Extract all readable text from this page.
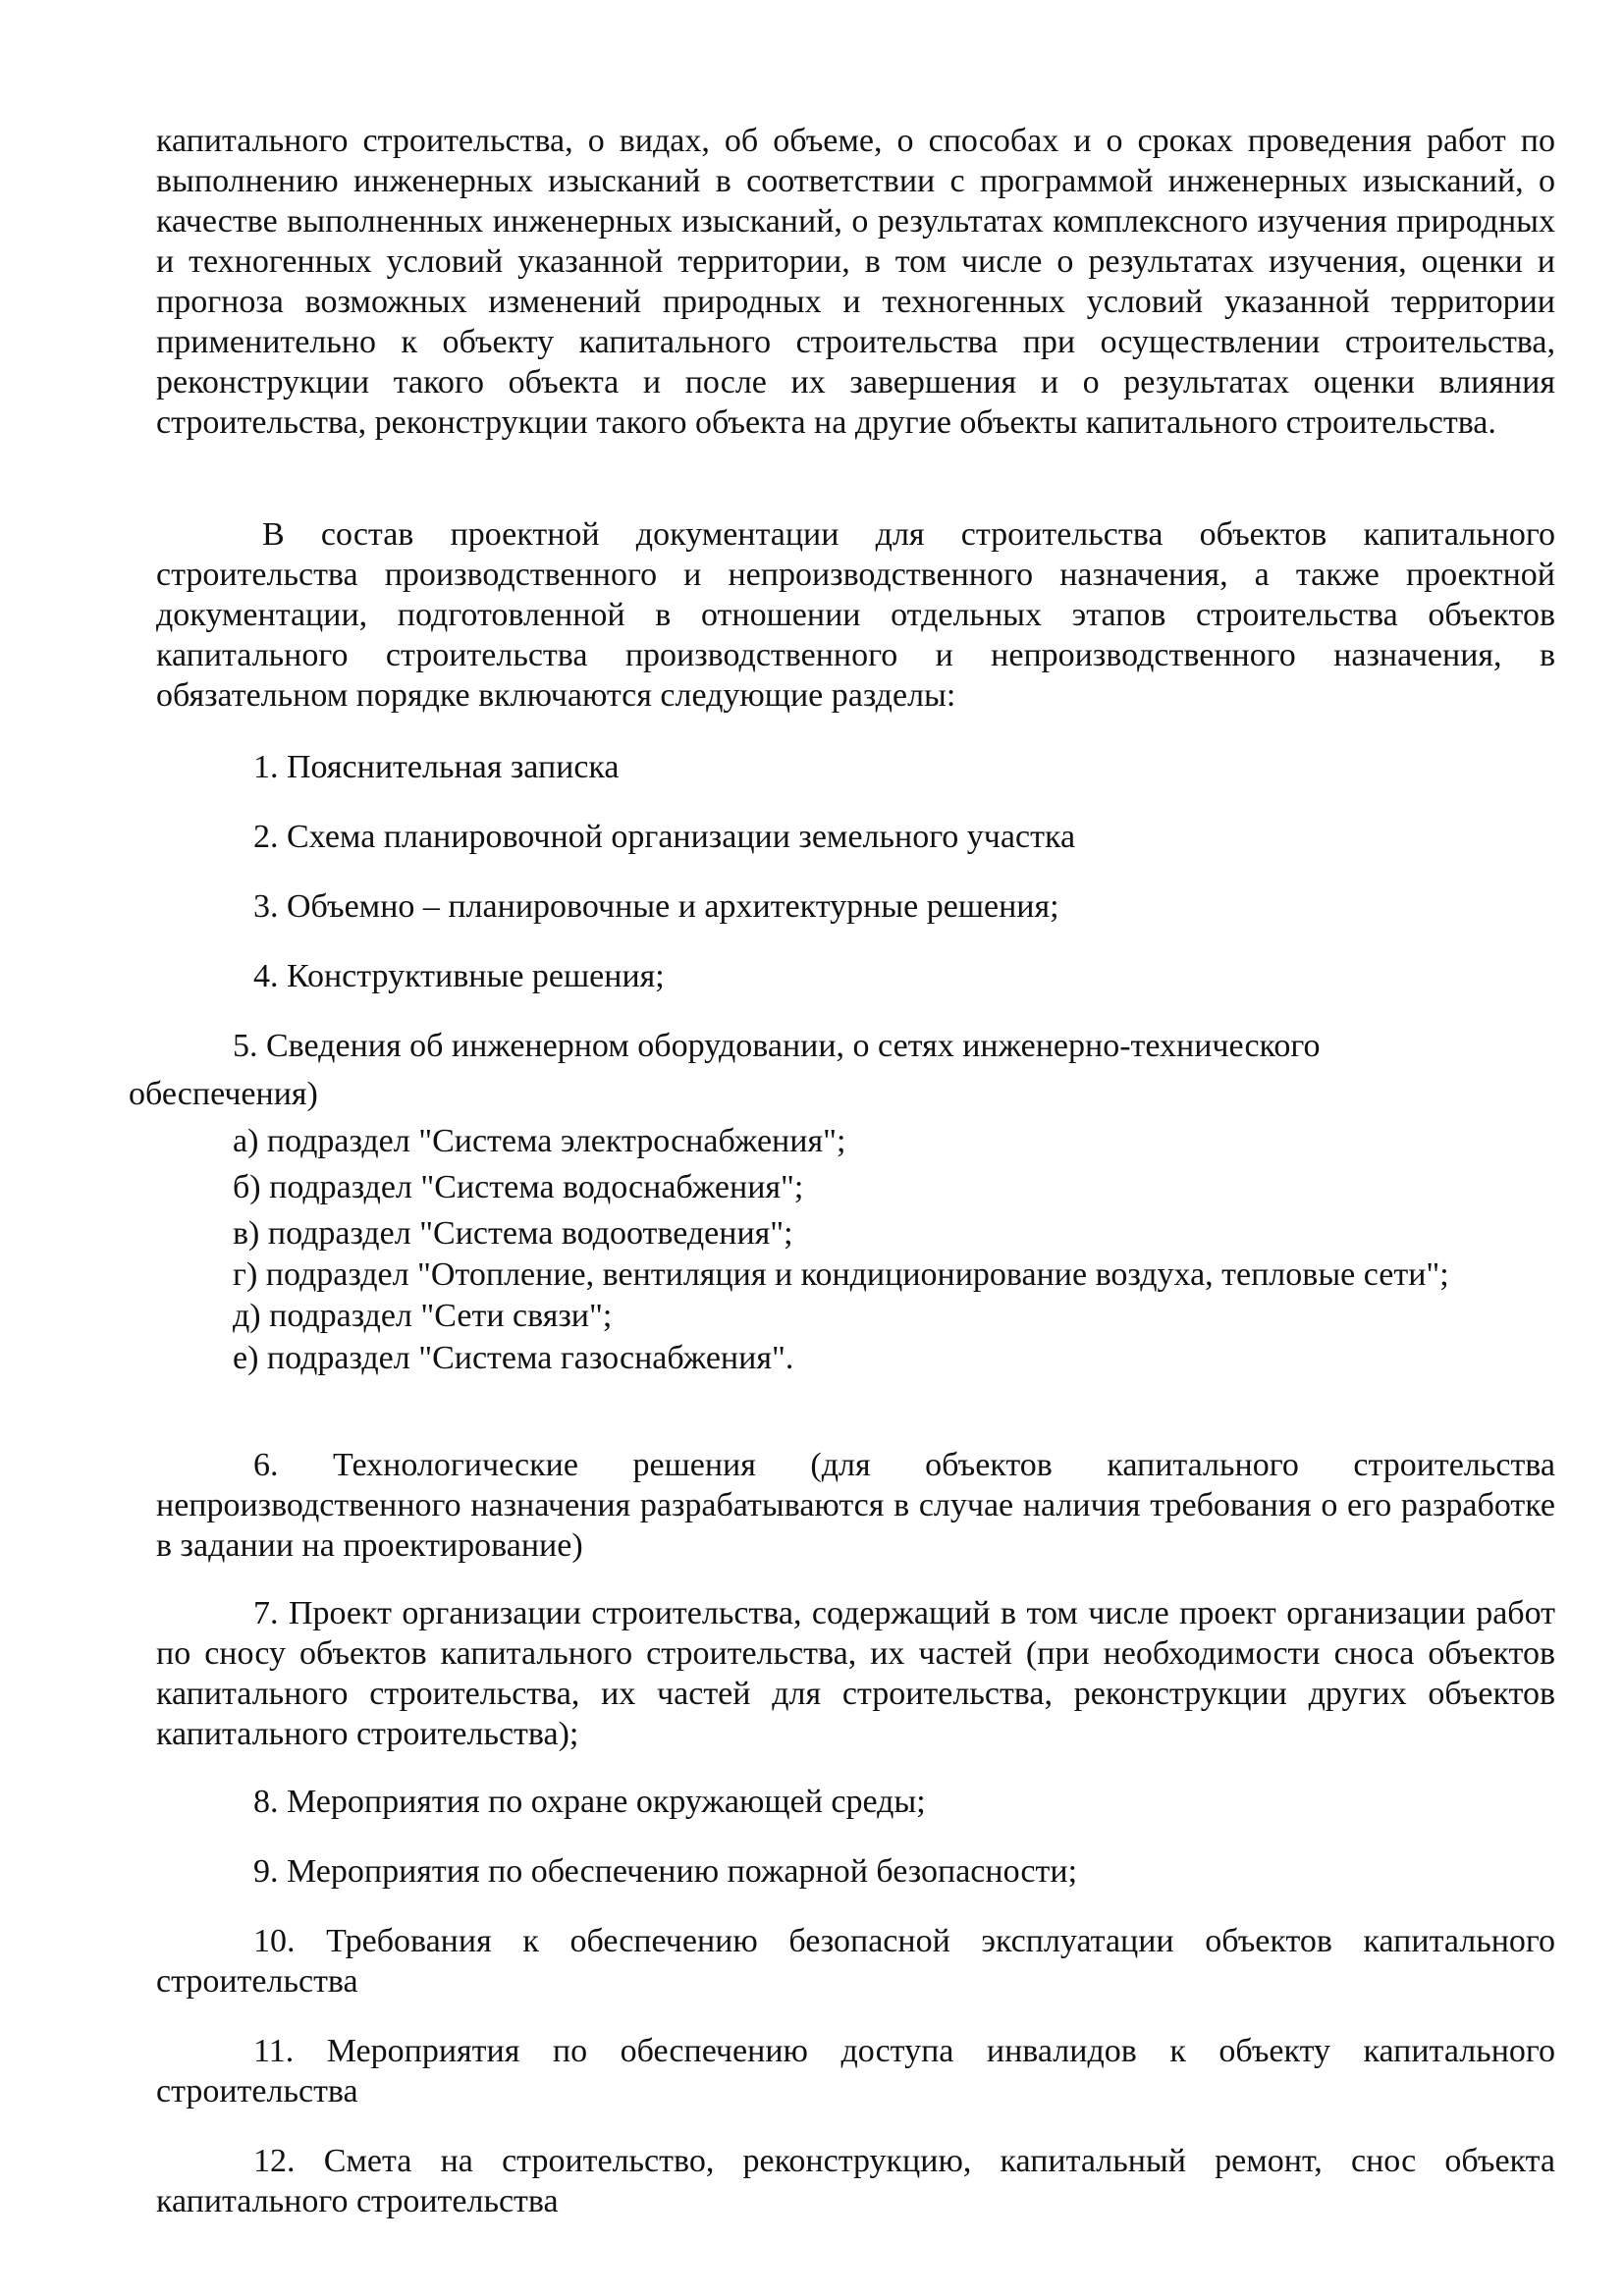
капитального строительства, о видах, об объеме, о способах и о сроках проведения работ по выполнению инженерных изысканий в соответствии с программой инженерных изысканий, о качестве выполненных инженерных изысканий, о результатах комплексного изучения природных и техногенных условий указанной территории, в том числе о результатах изучения, оценки и прогноза возможных изменений природных и техногенных условий указанной территории применительно к объекту капитального строительства при осуществлении строительства, реконструкции такого объекта и после их завершения и о результатах оценки влияния строительства, реконструкции такого объекта на другие объекты капитального строительства.

В состав проектной документации для строительства объектов капитального строительства производственного и непроизводственного назначения, а также проектной документации, подготовленной в отношении отдельных этапов строительства объектов капитального строительства производственного и непроизводственного назначения, в обязательном порядке включаются следующие разделы:

1. Пояснительная записка
2. Схема планировочной организации земельного участка
3. Объемно – планировочные и архитектурные решения;
4. Конструктивные решения;
5. Сведения об инженерном оборудовании, о сетях инженерно-технического
обеспечения)
а) подраздел "Система электроснабжения";
б) подраздел "Система водоснабжения";
в) подраздел "Система водоотведения";
г) подраздел "Отопление, вентиляция и кондиционирование воздуха, тепловые сети";
д) подраздел "Сети связи";
е) подраздел "Система газоснабжения".

6. Технологические решения (для объектов капитального строительства непроизводственного назначения разрабатываются в случае наличия требования о его разработке в задании на проектирование)

7. Проект организации строительства, содержащий в том числе проект организации работ по сносу объектов капитального строительства, их частей (при необходимости сноса объектов капитального строительства, их частей для строительства, реконструкции других объектов капитального строительства);

8. Мероприятия по охране окружающей среды;
9. Мероприятия по обеспечению пожарной безопасности;

10. Требования к обеспечению безопасной эксплуатации объектов капитального строительства

11. Мероприятия по обеспечению доступа инвалидов к объекту капитального строительства

12. Смета на строительство, реконструкцию, капитальный ремонт, снос объекта капитального строительства
